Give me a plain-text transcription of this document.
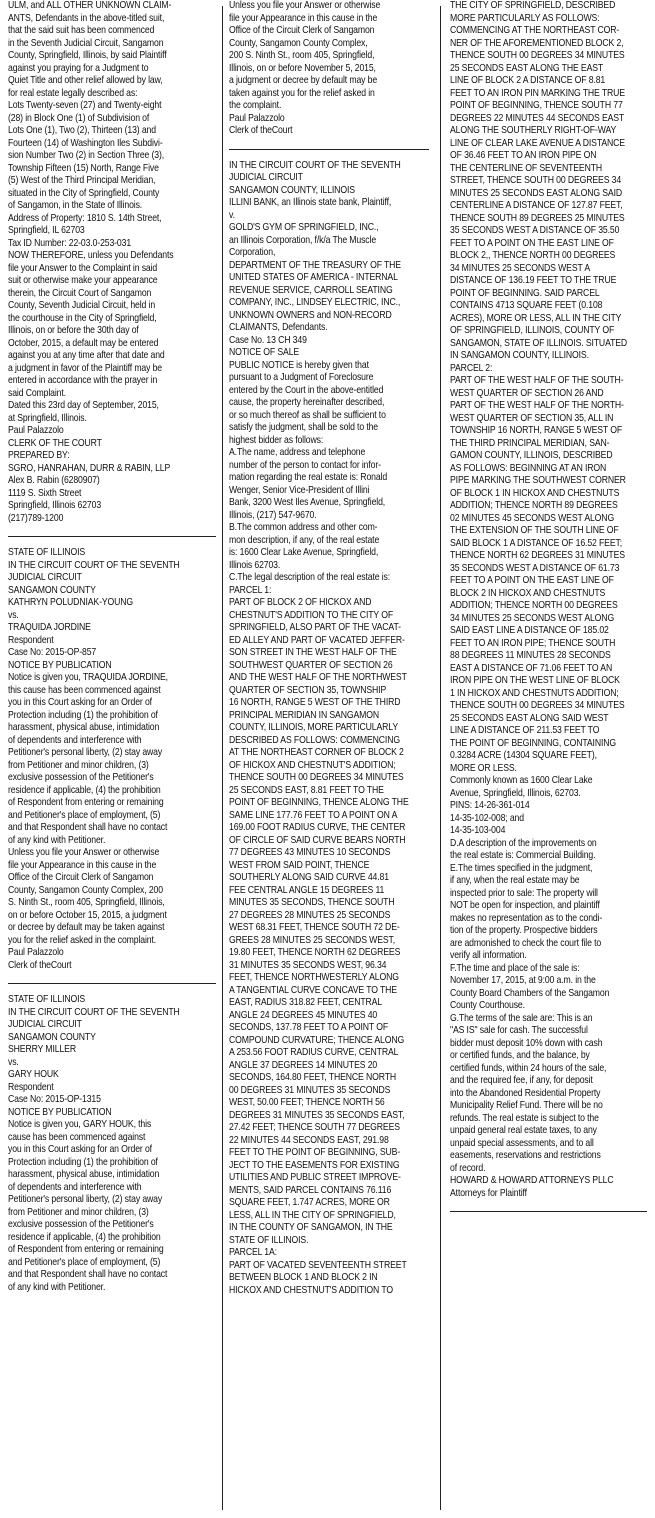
ULM, and ALL OTHER UNKNOWN CLAIM-
ANTS, Defendants in the above-titled suit,
that the said suit has been commenced
in the Seventh Judicial Circuit, Sangamon
County, Springfield, Illinois, by said Plaintiff
against you praying for a Judgment to
Quiet Title and other relief allowed by law,
for real estate legally described as:
Lots Twenty-seven (27) and Twenty-eight
(28) in Block One (1) of Subdivision of
Lots One (1), Two (2), Thirteen (13) and
Fourteen (14) of Washington Iles Subdivi-
sion Number Two (2) in Section Three (3),
Township Fifteen (15) North, Range Five
(5) West of the Third Principal Meridian,
situated in the City of Springfield, County
of Sangamon, in the State of Illinois.
Address of Property: 1810 S. 14th Street,
Springfield, IL 62703
Tax ID Number: 22-03.0-253-031
NOW THEREFORE, unless you Defendants
file your Answer to the Complaint in said
suit or otherwise make your appearance
therein, the Circuit Court of Sangamon
County, Seventh Judicial Circuit, held in
the courthouse in the City of Springfield,
Illinois, on or before the 30th day of
October, 2015, a default may be entered
against you at any time after that date and
a judgment in favor of the Plaintiff may be
entered in accordance with the prayer in
said Complaint.
Dated this 23rd day of September, 2015,
at Springfield, Illinois.
Paul Palazzolo
CLERK OF THE COURT
PREPARED BY:
SGRO, HANRAHAN, DURR & RABIN, LLP
Alex B. Rabin (6280907)
1119 S. Sixth Street
Springfield, Illinois 62703
(217)789-1200

STATE OF ILLINOIS
IN THE CIRCUIT COURT OF THE SEVENTH
JUDICIAL CIRCUIT
SANGAMON COUNTY
KATHRYN POLUDNIAK-YOUNG
vs.
TRAQUIDA JORDINE
Respondent
Case No: 2015-OP-857
NOTICE BY PUBLICATION
Notice is given you, TRAQUIDA JORDINE,
this cause has been commenced against
you in this Court asking for an Order of
Protection including (1) the prohibition of
harassment, physical abuse, intimidation
of dependents and interference with
Petitioner's personal liberty, (2) stay away
from Petitioner and minor children, (3)
exclusive possession of the Petitioner's
residence if applicable, (4) the prohibition
of Respondent from entering or remaining
and Petitioner's place of employment, (5)
and that Respondent shall have no contact
of any kind with Petitioner.
Unless you file your Answer or otherwise
file your Appearance in this cause in the
Office of the Circuit Clerk of Sangamon
County, Sangamon County Complex, 200
S. Ninth St., room 405, Springfield, Illinois,
on or before October 15, 2015, a judgment
or decree by default may be taken against
you for the relief asked in the complaint.
Paul Palazzolo
Clerk of theCourt

STATE OF ILLINOIS
IN THE CIRCUIT COURT OF THE SEVENTH
JUDICIAL CIRCUIT
SANGAMON COUNTY
SHERRY MILLER
vs.
GARY HOUK
Respondent
Case No: 2015-OP-1315
NOTICE BY PUBLICATION
Notice is given you, GARY HOUK, this
cause has been commenced against
you in this Court asking for an Order of
Protection including (1) the prohibition of
harassment, physical abuse, intimidation
of dependents and interference with
Petitioner's personal liberty, (2) stay away
from Petitioner and minor children, (3)
exclusive possession of the Petitioner's
residence if applicable, (4) the prohibition
of Respondent from entering or remaining
and Petitioner's place of employment, (5)
and that Respondent shall have no contact
of any kind with Petitioner.

Unless you file your Answer or otherwise
file your Appearance in this cause in the
Office of the Circuit Clerk of Sangamon
County, Sangamon County Complex,
200 S. Ninth St., room 405, Springfield,
Illinois, on or before November 5, 2015,
a judgment or decree by default may be
taken against you for the relief asked in
the complaint.
Paul Palazzolo
Clerk of theCourt

IN THE CIRCUIT COURT OF THE SEVENTH
JUDICIAL CIRCUIT
SANGAMON COUNTY, ILLINOIS
ILLINI BANK, an Illinois state bank, Plaintiff,
v.
GOLD'S GYM OF SPRINGFIELD, INC.,
an Illinois Corporation, f/k/a The Muscle
Corporation,
DEPARTMENT OF THE TREASURY OF THE
UNITED STATES OF AMERICA - INTERNAL
REVENUE SERVICE, CARROLL SEATING
COMPANY, INC., LINDSEY ELECTRIC, INC.,
UNKNOWN OWNERS and NON-RECORD
CLAIMANTS, Defendants.
Case No. 13 CH 349
NOTICE OF SALE
PUBLIC NOTICE is hereby given that
pursuant to a Judgment of Foreclosure
entered by the Court in the above-entitled
cause, the property hereinafter described,
or so much thereof as shall be sufficient to
satisfy the judgment, shall be sold to the
highest bidder as follows:
A.The name, address and telephone
number of the person to contact for infor-
mation regarding the real estate is: Ronald
Wenger, Senior Vice-President of Illini
Bank, 3200 West Iles Avenue, Springfield,
Illinois, (217) 547-9670.
B.The common address and other com-
mon description, if any, of the real estate
is: 1600 Clear Lake Avenue, Springfield,
Illinois 62703.
C.The legal description of the real estate is:
PARCEL 1:
PART OF BLOCK 2 OF HICKOX AND
CHESTNUT'S ADDITION TO THE CITY OF
SPRINGFIELD, ALSO PART OF THE VACAT-
ED ALLEY AND PART OF VACATED JEFFER-
SON STREET IN THE WEST HALF OF THE
SOUTHWEST QUARTER OF SECTION 26
AND THE WEST HALF OF THE NORTHWEST
QUARTER OF SECTION 35, TOWNSHIP
16 NORTH, RANGE 5 WEST OF THE THIRD
PRINCIPAL MERIDIAN IN SANGAMON
COUNTY, ILLINOIS, MORE PARTICULARLY
DESCRIBED AS FOLLOWS: COMMENCING
AT THE NORTHEAST CORNER OF BLOCK 2
OF HICKOX AND CHESTNUT'S ADDITION;
THENCE SOUTH 00 DEGREES 34 MINUTES
25 SECONDS EAST, 8.81 FEET TO THE
POINT OF BEGINNING, THENCE ALONG THE
SAME LINE 177.76 FEET TO A POINT ON A
169.00 FOOT RADIUS CURVE, THE CENTER
OF CIRCLE OF SAID CURVE BEARS NORTH
77 DEGREES 43 MINUTES 10 SECONDS
WEST FROM SAID POINT, THENCE
SOUTHERLY ALONG SAID CURVE 44.81
FEE CENTRAL ANGLE 15 DEGREES 11
MINUTES 35 SECONDS, THENCE SOUTH
27 DEGREES 28 MINUTES 25 SECONDS
WEST 68.31 FEET, THENCE SOUTH 72 DE-
GREES 28 MINUTES 25 SECONDS WEST,
19.80 FEET, THENCE NORTH 62 DEGREES
31 MINUTES 35 SECONDS WEST, 96.34
FEET, THENCE NORTHWESTERLY ALONG
A TANGENTIAL CURVE CONCAVE TO THE
EAST, RADIUS 318.82 FEET, CENTRAL
ANGLE 24 DEGREES 45 MINUTES 40
SECONDS, 137.78 FEET TO A POINT OF
COMPOUND CURVATURE; THENCE ALONG
A 253.56 FOOT RADIUS CURVE, CENTRAL
ANGLE 37 DEGREES 14 MINUTES 20
SECONDS, 164.80 FEET, THENCE NORTH
00 DEGREES 31 MINUTES 35 SECONDS
WEST, 50.00 FEET; THENCE NORTH 56
DEGREES 31 MINUTES 35 SECONDS EAST,
27.42 FEET; THENCE SOUTH 77 DEGREES
22 MINUTES 44 SECONDS EAST, 291.98
FEET TO THE POINT OF BEGINNING, SUB-
JECT TO THE EASEMENTS FOR EXISTING
UTILITIES AND PUBLIC STREET IMPROVE-
MENTS, SAID PARCEL CONTAINS 76.116
SQUARE FEET, 1.747 ACRES, MORE OR
LESS, ALL IN THE CITY OF SPRINGFIELD,
IN THE COUNTY OF SANGAMON, IN THE
STATE OF ILLINOIS.
PARCEL 1A:
PART OF VACATED SEVENTEENTH STREET
BETWEEN BLOCK 1 AND BLOCK 2 IN
HICKOX AND CHESTNUT'S ADDITION TO

THE CITY OF SPRINGFIELD, DESCRIBED
MORE PARTICULARLY AS FOLLOWS:
COMMENCING AT THE NORTHEAST COR-
NER OF THE AFOREMENTIONED BLOCK 2,
THENCE SOUTH 00 DEGREES 34 MINUTES
25 SECONDS EAST ALONG THE EAST
LINE OF BLOCK 2 A DISTANCE OF 8.81
FEET TO AN IRON PIN MARKING THE TRUE
POINT OF BEGINNING, THENCE SOUTH 77
DEGREES 22 MINUTES 44 SECONDS EAST
ALONG THE SOUTHERLY RIGHT-OF-WAY
LINE OF CLEAR LAKE AVENUE A DISTANCE
OF 36.46 FEET TO AN IRON PIPE ON
THE CENTERLINE OF SEVENTEENTH
STREET, THENCE SOUTH 00 DEGREES 34
MINUTES 25 SECONDS EAST ALONG SAID
CENTERLINE A DISTANCE OF 127.87 FEET,
THENCE SOUTH 89 DEGREES 25 MINUTES
35 SECONDS WEST A DISTANCE OF 35.50
FEET TO A POINT ON THE EAST LINE OF
BLOCK 2,, THENCE NORTH 00 DEGREES
34 MINUTES 25 SECONDS WEST A
DISTANCE OF 136.19 FEET TO THE TRUE
POINT OF BEGINNING. SAID PARCEL
CONTAINS 4713 SQUARE FEET (0.108
ACRES), MORE OR LESS, ALL IN THE CITY
OF SPRINGFIELD, ILLINOIS, COUNTY OF
SANGAMON, STATE OF ILLINOIS. SITUATED
IN SANGAMON COUNTY, ILLINOIS.
PARCEL 2:
PART OF THE WEST HALF OF THE SOUTH-
WEST QUARTER OF SECTION 26 AND
PART OF THE WEST HALF OF THE NORTH-
WEST QUARTER OF SECTION 35, ALL IN
TOWNSHIP 16 NORTH, RANGE 5 WEST OF
THE THIRD PRINCIPAL MERIDIAN, SAN-
GAMON COUNTY, ILLINOIS, DESCRIBED
AS FOLLOWS: BEGINNING AT AN IRON
PIPE MARKING THE SOUTHWEST CORNER
OF BLOCK 1 IN HICKOX AND CHESTNUTS
ADDITION; THENCE NORTH 89 DEGREES
02 MINUTES 45 SECONDS WEST ALONG
THE EXTENSION OF THE SOUTH LINE OF
SAID BLOCK 1 A DISTANCE OF 16.52 FEET;
THENCE NORTH 62 DEGREES 31 MINUTES
35 SECONDS WEST A DISTANCE OF 61.73
FEET TO A POINT ON THE EAST LINE OF
BLOCK 2 IN HICKOX AND CHESTNUTS
ADDITION; THENCE NORTH 00 DEGREES
34 MINUTES 25 SECONDS WEST ALONG
SAID EAST LINE A DISTANCE OF 185.02
FEET TO AN IRON PIPE; THENCE SOUTH
88 DEGREES 11 MINUTES 28 SECONDS
EAST A DISTANCE OF 71.06 FEET TO AN
IRON PIPE ON THE WEST LINE OF BLOCK
1 IN HICKOX AND CHESTNUTS ADDITION;
THENCE SOUTH 00 DEGREES 34 MINUTES
25 SECONDS EAST ALONG SAID WEST
LINE A DISTANCE OF 211.53 FEET TO
THE POINT OF BEGINNING, CONTAINING
0.3284 ACRE (14304 SQUARE FEET),
MORE OR LESS.
Commonly known as 1600 Clear Lake
Avenue, Springfield, Illinois, 62703.
PINS: 14-26-361-014
14-35-102-008; and
14-35-103-004
D.A description of the improvements on
the real estate is: Commercial Building.
E.The times specified in the judgment,
if any, when the real estate may be
inspected prior to sale: The property will
NOT be open for inspection, and plaintiff
makes no representation as to the condi-
tion of the property. Prospective bidders
are admonished to check the court file to
verify all information.
F.The time and place of the sale is:
November 17, 2015, at 9:00 a.m. in the
County Board Chambers of the Sangamon
County Courthouse.
G.The terms of the sale are: This is an
"AS IS" sale for cash. The successful
bidder must deposit 10% down with cash
or certified funds, and the balance, by
certified funds, within 24 hours of the sale,
and the required fee, if any, for deposit
into the Abandoned Residential Property
Municipality Relief Fund. There will be no
refunds. The real estate is subject to the
unpaid general real estate taxes, to any
unpaid special assessments, and to all
easements, reservations and restrictions
of record.
HOWARD & HOWARD ATTORNEYS PLLC
Attorneys for Plaintiff
